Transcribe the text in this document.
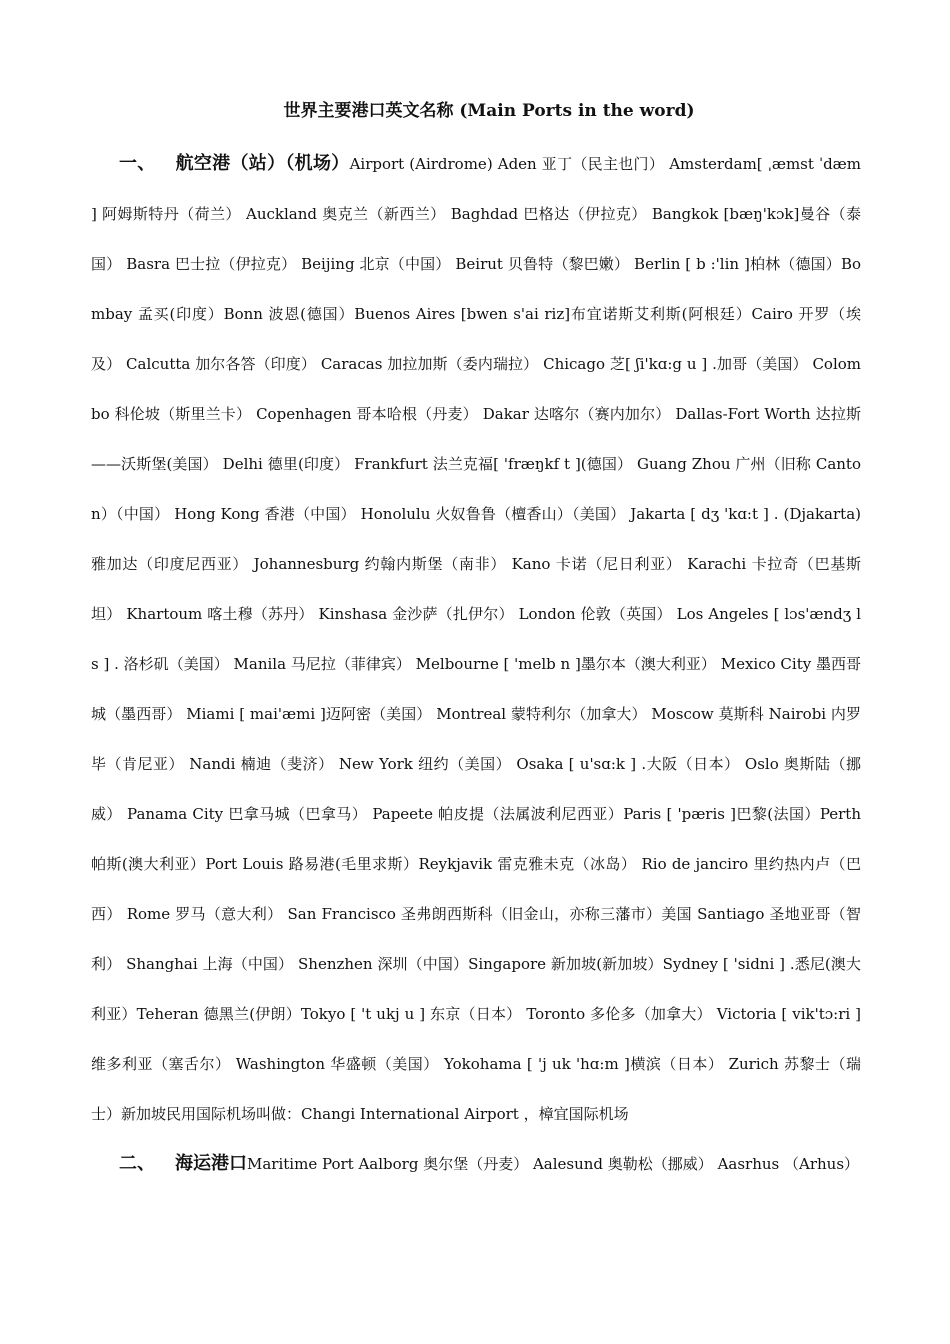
世界主要港口英文名称 (Main Ports in the word)
一、 航空港（站）（机场）Airport (Airdrome) Aden 亚丁（民主也门） Amsterdam[ ˌæmst ˈdæm ] 阿姆斯特丹（荷兰） Auckland 奥克兰（新西兰） Baghdad 巴格达（伊拉克） Bangkok [bæŋ'kɔk]曼谷（泰国） Basra 巴士拉（伊拉克） Beijing 北京（中国） Beirut 贝鲁特（黎巴嫩） Berlin [ b :'lin ]柏林（德国）Bombay 孟买(印度）Bonn 波恩(德国）Buenos Aires [bwen s'ai riz]布宜诺斯艾利斯(阿根廷）Cairo 开罗（埃及） Calcutta 加尔各答（印度） Caracas 加拉加斯（委内瑞拉） Chicago 芝[ ʃi'kɑ:g u ] .加哥（美国） Colombo 科伦坡（斯里兰卡） Copenhagen 哥本哈根（丹麦） Dakar 达喀尔（赛内加尔） Dallas-Fort Worth 达拉斯——沃斯堡(美国） Delhi 德里(印度） Frankfurt 法兰克福[ 'fræŋkf t ](德国） Guang Zhou 广州（旧称 Canton）（中国） Hong Kong 香港（中国） Honolulu 火奴鲁鲁（檀香山）（美国） Jakarta [ dʒ 'kɑ:t ] . (Djakarta)雅加达（印度尼西亚） Johannesburg 约翰内斯堡（南非） Kano 卡诺（尼日利亚） Karachi 卡拉奇（巴基斯坦） Khartoum 喀土穆（苏丹） Kinshasa 金沙萨（扎伊尔） London 伦敦（英国） Los Angeles [ lɔs'ændʒ l s ] . 洛杉矶（美国） Manila 马尼拉（菲律宾） Melbourne [ 'melb n ]墨尔本（澳大利亚） Mexico City 墨西哥城（墨西哥） Miami [ mai'æmi ]迈阿密（美国） Montreal 蒙特利尔（加拿大） Moscow 莫斯科 Nairobi 内罗毕（肯尼亚） Nandi 楠迪（斐济） New York 纽约（美国） Osaka [ u'sɑ:k ] .大阪（日本） Oslo 奥斯陆（挪威） Panama City 巴拿马城（巴拿马） Papeete 帕皮提（法属波利尼西亚）Paris [ 'pæris ]巴黎(法国）Perth 帕斯(澳大利亚）Port Louis 路易港(毛里求斯）Reykjavik 雷克雅未克（冰岛） Rio de janciro 里约热内卢（巴西） Rome 罗马（意大利） San Francisco 圣弗朗西斯科（旧金山，亦称三藩市）美国 Santiago 圣地亚哥（智利） Shanghai 上海（中国） Shenzhen 深圳（中国）Singapore 新加坡(新加坡）Sydney [ 'sidni ] .悉尼(澳大利亚）Teheran 德黑兰(伊朗）Tokyo [ 't ukj u ] 东京（日本） Toronto 多伦多（加拿大） Victoria [ vik'tɔ:ri ]维多利亚（塞舌尔） Washington 华盛顿（美国） Yokohama [ 'j uk 'hɑ:m ]横滨（日本） Zurich 苏黎士（瑞士）新加坡民用国际机场叫做：Changi International Airport ，樟宜国际机场
二、 海运港口Maritime Port Aalborg 奥尔堡（丹麦） Aalesund 奥勒松（挪威） Aasrhus （Arhus）
